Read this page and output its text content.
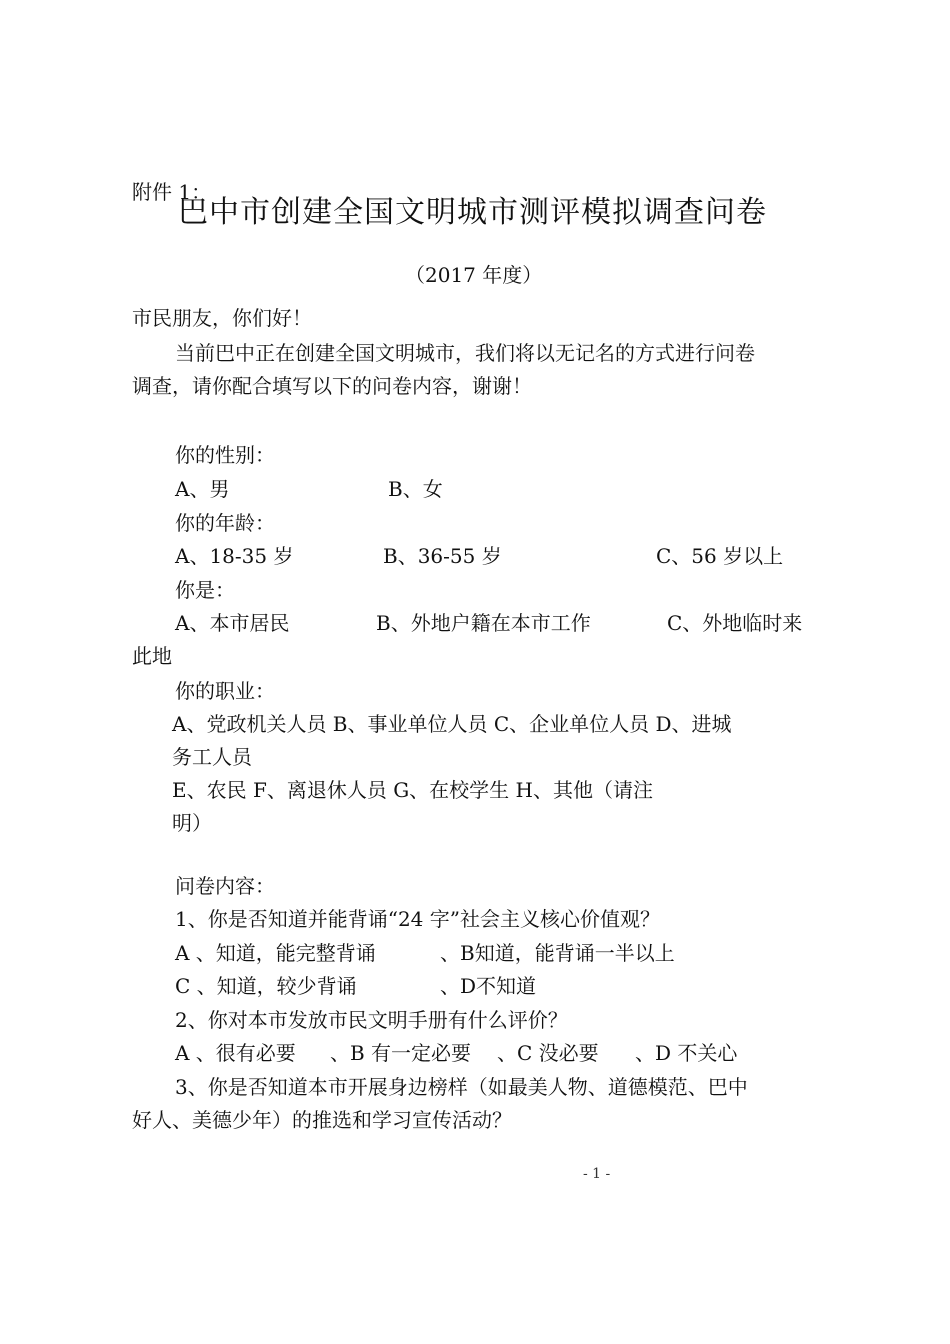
附件 1：
巴中市创建全国文明城市测评模拟调查问卷
（2017 年度）
市民朋友，你们好！
当前巴中正在创建全国文明城市，我们将以无记名的方式进行问卷
调查，请你配合填写以下的问卷内容，谢谢！
你的性别：
A、男	B、女
你的年龄：
A、18-35 岁	B、36-55 岁	C、56 岁以上
你是：
A、本市居民	B、外地户籍在本市工作	C、外地临时来
此地
你的职业：
A、党政机关人员 B、事业单位人员 C、企业单位人员 D、进城
务工人员
E、农民 F、离退休人员 G、在校学生 H、其他（请注
明）
问卷内容：
1、你是否知道并能背诵“24 字”社会主义核心价值观？
A 、知道，能完整背诵	、B知道，能背诵一半以上
C 、知道，较少背诵	、D不知道
2、你对本市发放市民文明手册有什么评价？
A 、很有必要 、B 有一定必要 、C 没必要 、D 不关心
3、你是否知道本市开展身边榜样（如最美人物、道德模范、巴中
好人、美德少年）的推选和学习宣传活动？
- 1 -
